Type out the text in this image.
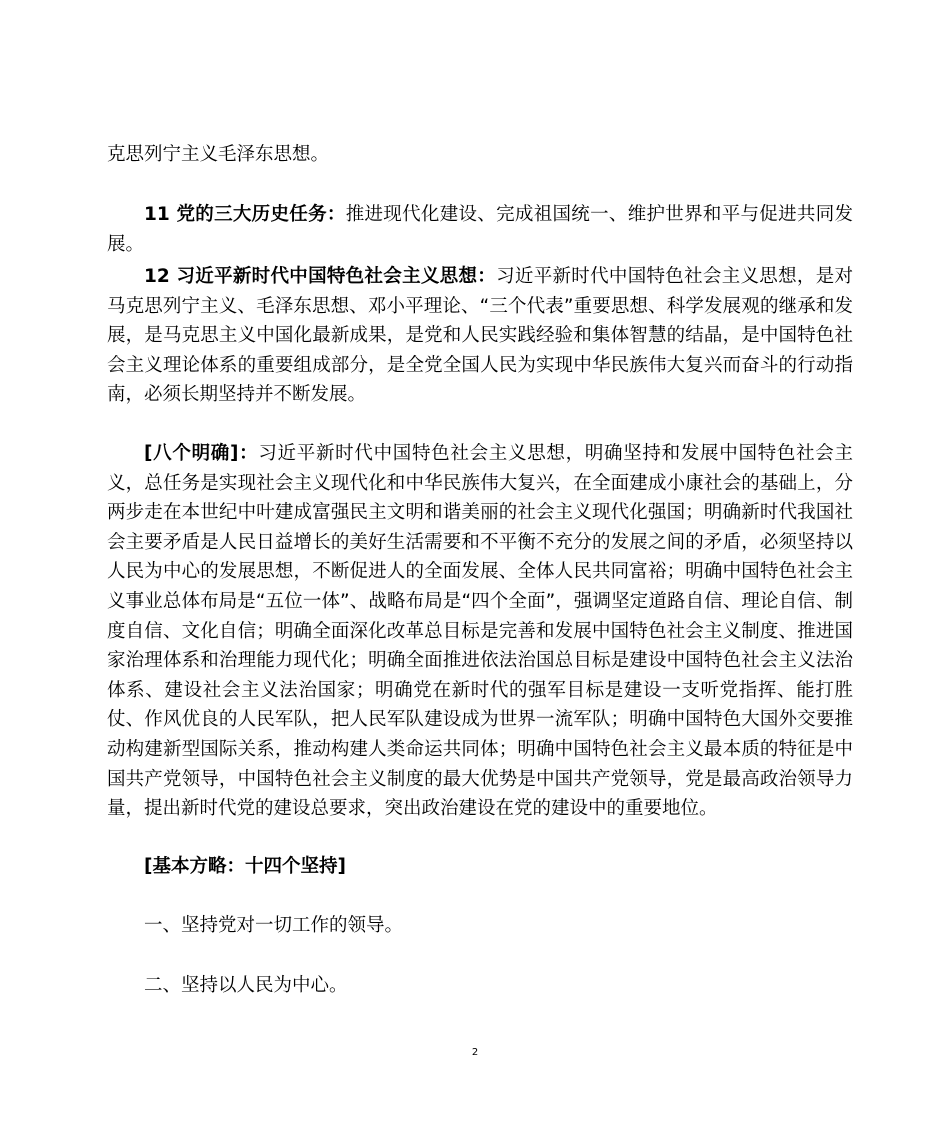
克思列宁主义毛泽东思想。

11 党的三大历史任务：推进现代化建设、完成祖国统一、维护世界和平与促进共同发展。

12 习近平新时代中国特色社会主义思想：习近平新时代中国特色社会主义思想，是对马克思列宁主义、毛泽东思想、邓小平理论、“三个代表”重要思想、科学发展观的继承和发展，是马克思主义中国化最新成果，是党和人民实践经验和集体智慧的结晶，是中国特色社会主义理论体系的重要组成部分，是全党全国人民为实现中华民族伟大复兴而奋斗的行动指南，必须长期坚持并不断发展。

[八个明确]：习近平新时代中国特色社会主义思想，明确坚持和发展中国特色社会主义，总任务是实现社会主义现代化和中华民族伟大复兴，在全面建成小康社会的基础上，分两步走在本世纪中叶建成富强民主文明和谐美丽的社会主义现代化强国；明确新时代我国社会主要矛盾是人民日益增长的美好生活需要和不平衡不充分的发展之间的矛盾，必须坚持以人民为中心的发展思想，不断促进人的全面发展、全体人民共同富裕；明确中国特色社会主义事业总体布局是“五位一体”、战略布局是“四个全面”，强调坚定道路自信、理论自信、制度自信、文化自信；明确全面深化改革总目标是完善和发展中国特色社会主义制度、推进国家治理体系和治理能力现代化；明确全面推进依法治国总目标是建设中国特色社会主义法治体系、建设社会主义法治国家；明确党在新时代的强军目标是建设一支听党指挥、能打胜仗、作风优良的人民军队，把人民军队建设成为世界一流军队；明确中国特色大国外交要推动构建新型国际关系，推动构建人类命运共同体；明确中国特色社会主义最本质的特征是中国共产党领导，中国特色社会主义制度的最大优势是中国共产党领导，党是最高政治领导力量，提出新时代党的建设总要求，突出政治建设在党的建设中的重要地位。

[基本方略：十四个坚持]

一、坚持党对一切工作的领导。

二、坚持以人民为中心。

2
